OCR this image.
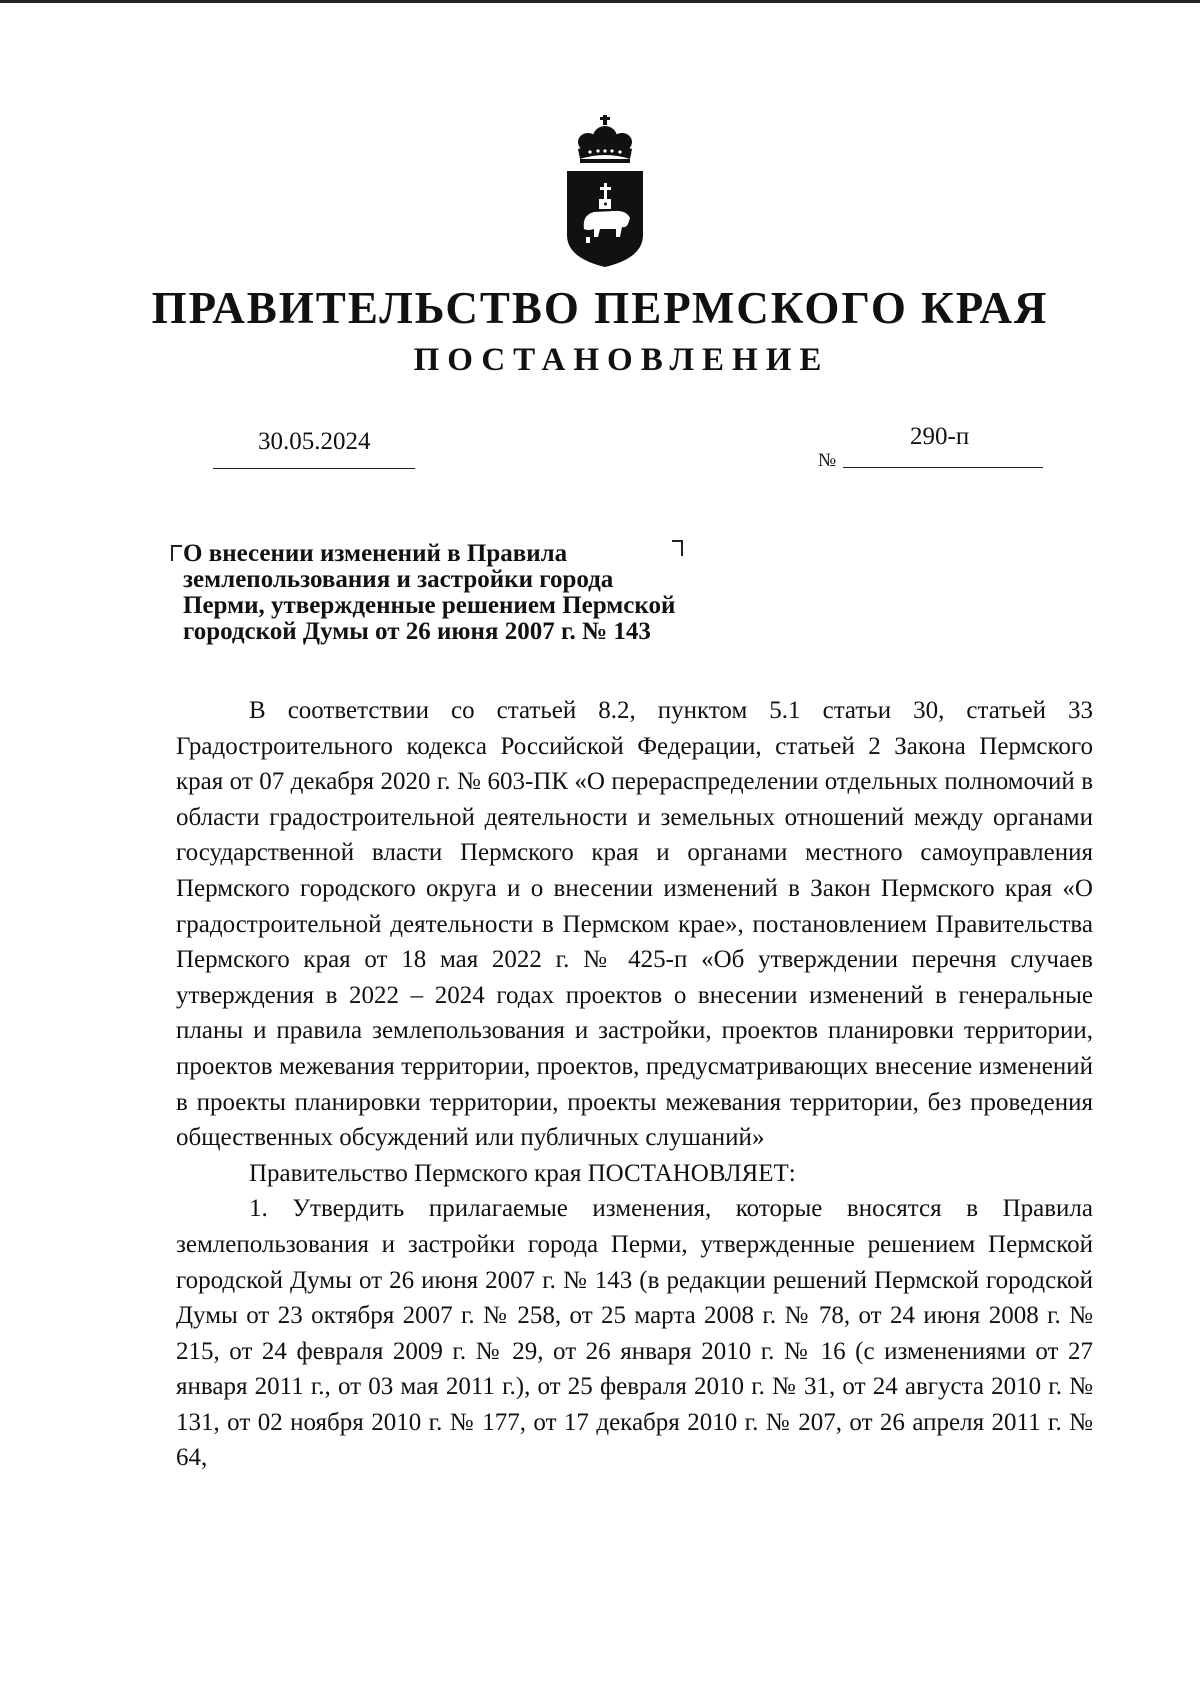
ПРАВИТЕЛЬСТВО ПЕРМСКОГО КРАЯ
ПОСТАНОВЛЕНИЕ
30.05.2024	290-п
№
О внесении изменений в Правила
землепользования и застройки города
Перми, утвержденные решением Пермской
городской Думы от 26 июня 2007 г. № 143

В соответствии со статьей 8.2, пунктом 5.1 статьи 30, статьей 33 Градостроительного кодекса Российской Федерации, статьей 2 Закона Пермского края от 07 декабря 2020 г. № 603-ПК «О перераспределении отдельных полномочий в области градостроительной деятельности и земельных отношений между органами государственной власти Пермского края и органами местного самоуправления Пермского городского округа и о внесении изменений в Закон Пермского края «О градостроительной деятельности в Пермском крае», постановлением Правительства Пермского края от 18 мая 2022 г. № 425-п «Об утверждении перечня случаев утверждения в 2022 – 2024 годах проектов о внесении изменений в генеральные планы и правила землепользования и застройки, проектов планировки территории, проектов межевания территории, проектов, предусматривающих внесение изменений в проекты планировки территории, проекты межевания территории, без проведения общественных обсуждений или публичных слушаний»

Правительство Пермского края ПОСТАНОВЛЯЕТ:

1. Утвердить прилагаемые изменения, которые вносятся в Правила землепользования и застройки города Перми, утвержденные решением Пермской городской Думы от 26 июня 2007 г. № 143 (в редакции решений Пермской городской Думы от 23 октября 2007 г. № 258, от 25 марта 2008 г. № 78, от 24 июня 2008 г. № 215, от 24 февраля 2009 г. № 29, от 26 января 2010 г. № 16 (с изменениями от 27 января 2011 г., от 03 мая 2011 г.), от 25 февраля 2010 г. № 31, от 24 августа 2010 г. № 131, от 02 ноября 2010 г. № 177, от 17 декабря 2010 г. № 207, от 26 апреля 2011 г. № 64,
